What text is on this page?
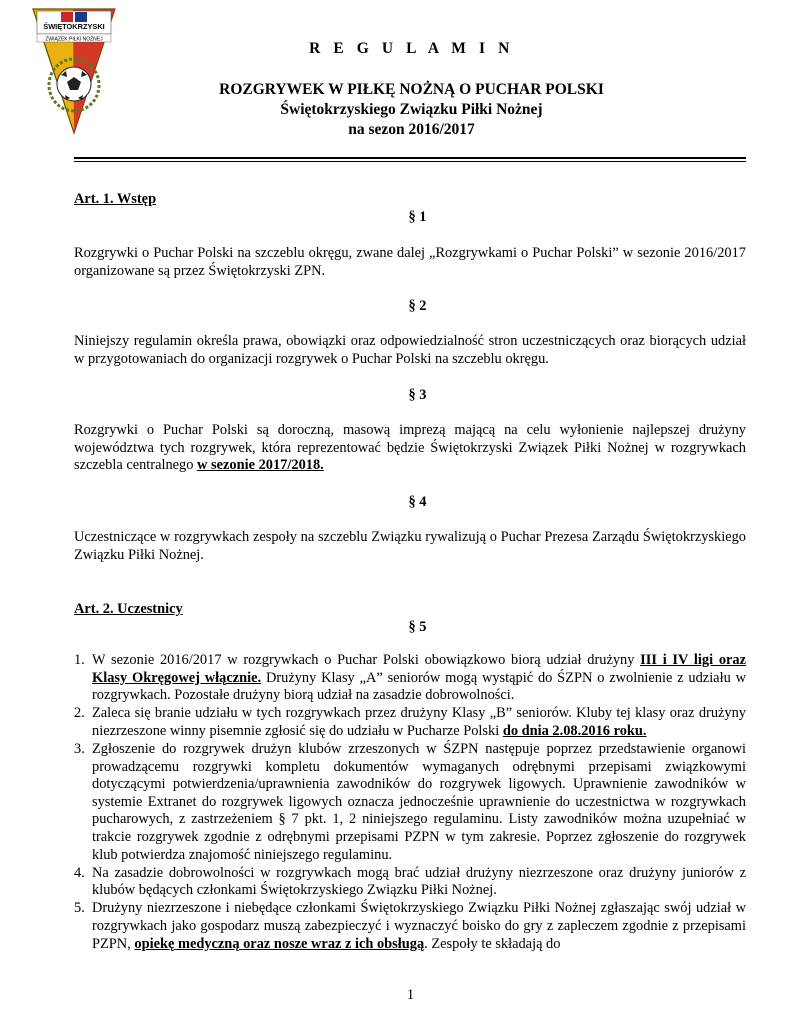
ŚWIĘTOKRZYSKI
ZWIĄZEK PIŁKI NOŻNEJ
R E G U L A M I N
ROZGRYWEK W PIŁKĘ NOŻNĄ O PUCHAR POLSKI
Świętokrzyskiego Związku Piłki Nożnej
na sezon 2016/2017
Art. 1. Wstęp
§ 1
Rozgrywki o Puchar Polski na szczeblu okręgu, zwane dalej „Rozgrywkami o Puchar Polski” w sezonie 2016/2017 organizowane są przez Świętokrzyski ZPN.
§ 2
Niniejszy regulamin określa prawa, obowiązki oraz odpowiedzialność stron uczestniczących oraz biorących udział w przygotowaniach do organizacji rozgrywek o Puchar Polski na szczeblu okręgu.
§ 3
Rozgrywki o Puchar Polski są doroczną, masową imprezą mającą na celu wyłonienie najlepszej drużyny województwa tych rozgrywek, która reprezentować będzie Świętokrzyski Związek Piłki Nożnej w rozgrywkach szczebla centralnego w sezonie 2017/2018.
§ 4
Uczestniczące w rozgrywkach zespoły na szczeblu Związku rywalizują o Puchar Prezesa Zarządu Świętokrzyskiego Związku Piłki Nożnej.
Art. 2. Uczestnicy
§ 5
1. W sezonie 2016/2017 w rozgrywkach o Puchar Polski obowiązkowo biorą udział drużyny III i IV ligi oraz Klasy Okręgowej włącznie. Drużyny Klasy „A” seniorów mogą wystąpić do ŚZPN o zwolnienie z udziału w rozgrywkach. Pozostałe drużyny biorą udział na zasadzie dobrowolności.
2. Zaleca się branie udziału w tych rozgrywkach przez drużyny Klasy „B” seniorów. Kluby tej klasy oraz drużyny niezrzeszone winny pisemnie zgłosić się do udziału w Pucharze Polski do dnia 2.08.2016 roku.
3. Zgłoszenie do rozgrywek drużyn klubów zrzeszonych w ŚZPN następuje poprzez przedstawienie organowi prowadzącemu rozgrywki kompletu dokumentów wymaganych odrębnymi przepisami związkowymi dotyczącymi potwierdzenia/uprawnienia zawodników do rozgrywek ligowych. Uprawnienie zawodników w systemie Extranet do rozgrywek ligowych oznacza jednocześnie uprawnienie do uczestnictwa w rozgrywkach pucharowych, z zastrzeżeniem § 7 pkt. 1, 2 niniejszego regulaminu. Listy zawodników można uzupełniać w trakcie rozgrywek zgodnie z odrębnymi przepisami PZPN w tym zakresie. Poprzez zgłoszenie do rozgrywek klub potwierdza znajomość niniejszego regulaminu.
4. Na zasadzie dobrowolności w rozgrywkach mogą brać udział drużyny niezrzeszone oraz drużyny juniorów z klubów będących członkami Świętokrzyskiego Związku Piłki Nożnej.
5. Drużyny niezrzeszone i niebędące członkami Świętokrzyskiego Związku Piłki Nożnej zgłaszając swój udział w rozgrywkach jako gospodarz muszą zabezpieczyć i wyznaczyć boisko do gry z zapleczem zgodnie z przepisami PZPN, opiekę medyczną oraz nosze wraz z ich obsługą. Zespoły te składają do
1
